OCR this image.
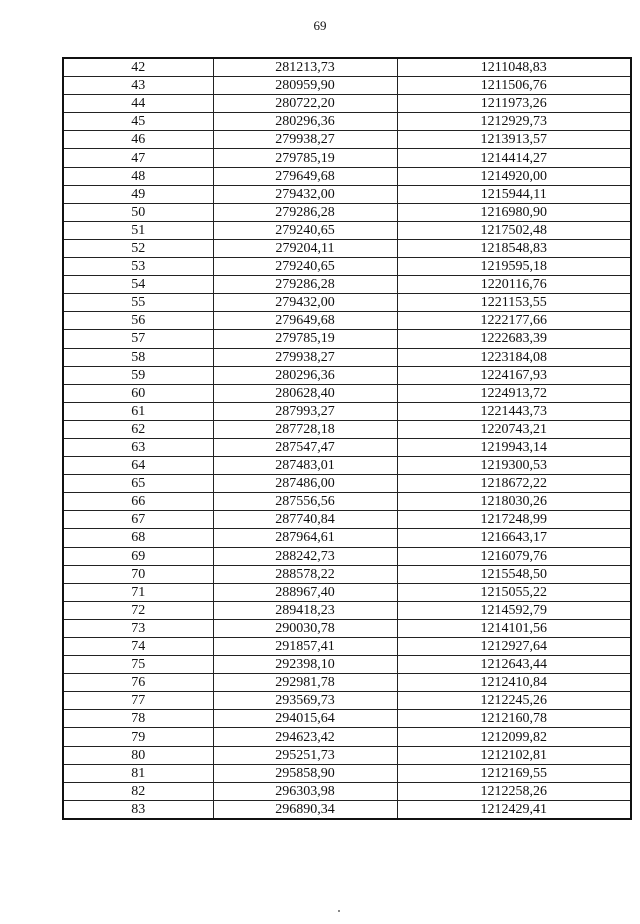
69
42	281213,73	1211048,83
43	280959,90	1211506,76
44	280722,20	1211973,26
45	280296,36	1212929,73
46	279938,27	1213913,57
47	279785,19	1214414,27
48	279649,68	1214920,00
49	279432,00	1215944,11
50	279286,28	1216980,90
51	279240,65	1217502,48
52	279204,11	1218548,83
53	279240,65	1219595,18
54	279286,28	1220116,76
55	279432,00	1221153,55
56	279649,68	1222177,66
57	279785,19	1222683,39
58	279938,27	1223184,08
59	280296,36	1224167,93
60	280628,40	1224913,72
61	287993,27	1221443,73
62	287728,18	1220743,21
63	287547,47	1219943,14
64	287483,01	1219300,53
65	287486,00	1218672,22
66	287556,56	1218030,26
67	287740,84	1217248,99
68	287964,61	1216643,17
69	288242,73	1216079,76
70	288578,22	1215548,50
71	288967,40	1215055,22
72	289418,23	1214592,79
73	290030,78	1214101,56
74	291857,41	1212927,64
75	292398,10	1212643,44
76	292981,78	1212410,84
77	293569,73	1212245,26
78	294015,64	1212160,78
79	294623,42	1212099,82
80	295251,73	1212102,81
81	295858,90	1212169,55
82	296303,98	1212258,26
83	296890,34	1212429,41
